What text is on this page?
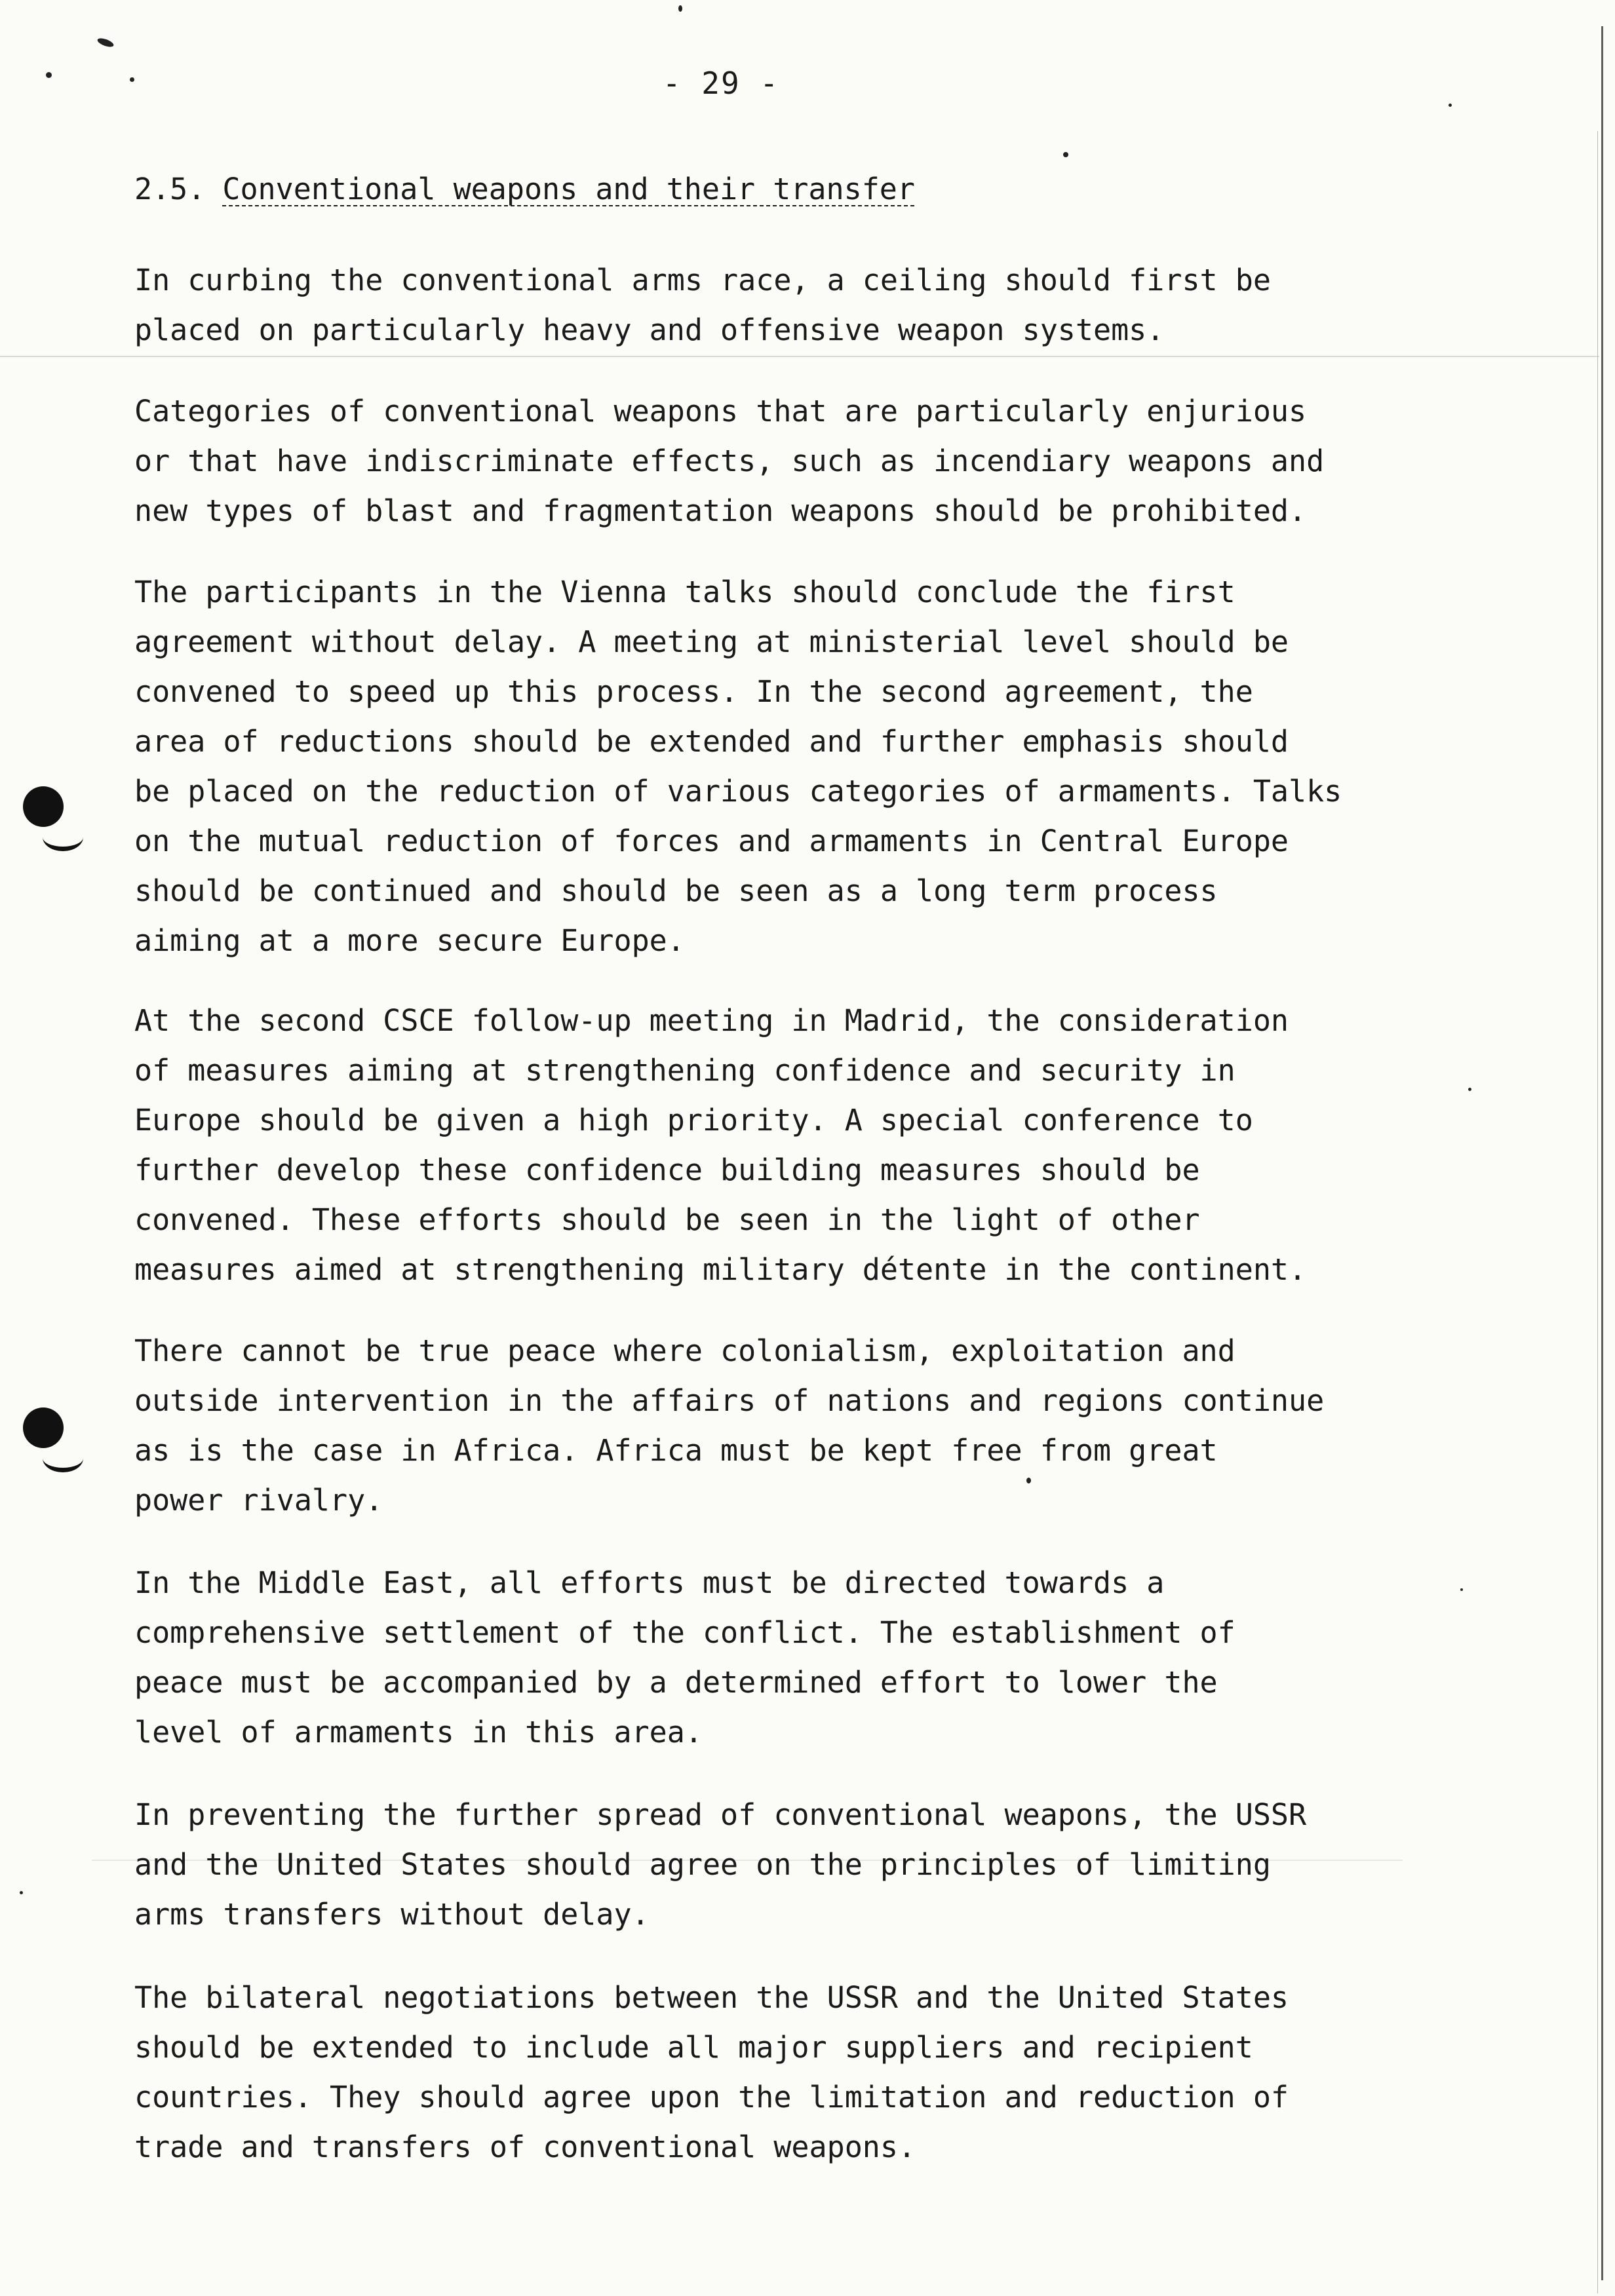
- 29 -
2.5. Conventional weapons and their transfer
In curbing the conventional arms race, a ceiling should first be
placed on particularly heavy and offensive weapon systems.
Categories of conventional weapons that are particularly enjurious
or that have indiscriminate effects, such as incendiary weapons and
new types of blast and fragmentation weapons should be prohibited.
The participants in the Vienna talks should conclude the first
agreement without delay. A meeting at ministerial level should be
convened to speed up this process. In the second agreement, the
area of reductions should be extended and further emphasis should
be placed on the reduction of various categories of armaments. Talks
on the mutual reduction of forces and armaments in Central Europe
should be continued and should be seen as a long term process
aiming at a more secure Europe.
At the second CSCE follow-up meeting in Madrid, the consideration
of measures aiming at strengthening confidence and security in
Europe should be given a high priority. A special conference to
further develop these confidence building measures should be
convened. These efforts should be seen in the light of other
measures aimed at strengthening military détente in the continent.
There cannot be true peace where colonialism, exploitation and
outside intervention in the affairs of nations and regions continue
as is the case in Africa. Africa must be kept free from great
power rivalry.
In the Middle East, all efforts must be directed towards a
comprehensive settlement of the conflict. The establishment of
peace must be accompanied by a determined effort to lower the
level of armaments in this area.
In preventing the further spread of conventional weapons, the USSR
and the United States should agree on the principles of limiting
arms transfers without delay.
The bilateral negotiations between the USSR and the United States
should be extended to include all major suppliers and recipient
countries. They should agree upon the limitation and reduction of
trade and transfers of conventional weapons.
